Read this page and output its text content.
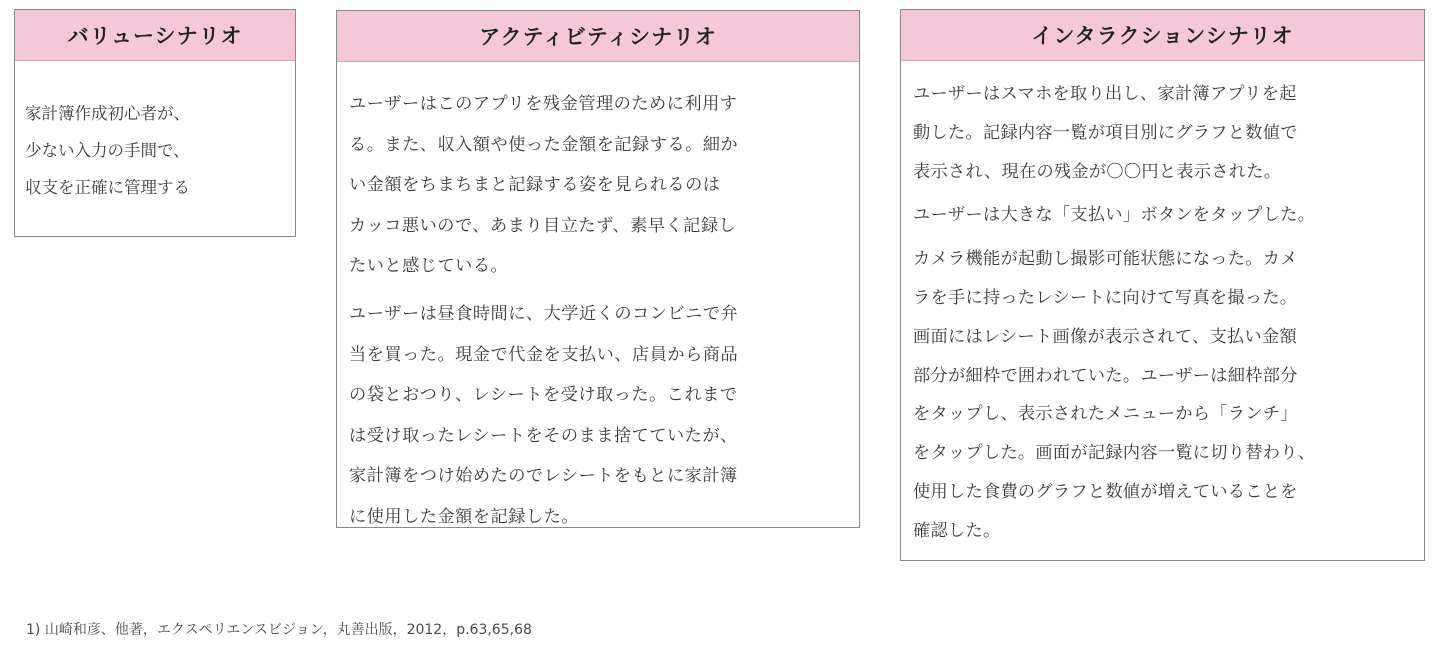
バリューシナリオ
家計簿作成初心者が、
少ない入力の手間で、
収支を正確に管理する
アクティビティシナリオ

ユーザーはこのアプリを残金管理のために利用す
る。また、収入額や使った金額を記録する。細か
い金額をちまちまと記録する姿を見られるのは
カッコ悪いので、あまり目立たず、素早く記録し
たいと感じている。

ユーザーは昼食時間に、大学近くのコンビニで弁
当を買った。現金で代金を支払い、店員から商品
の袋とおつり、レシートを受け取った。これまで
は受け取ったレシートをそのまま捨てていたが、
家計簿をつけ始めたのでレシートをもとに家計簿
に使用した金額を記録した。

インタラクションシナリオ

ユーザーはスマホを取り出し、家計簿アプリを起
動した。記録内容一覧が項目別にグラフと数値で
表示され、現在の残金が〇〇円と表示された。

ユーザーは大きな「支払い」ボタンをタップした。

カメラ機能が起動し撮影可能状態になった。カメ
ラを手に持ったレシートに向けて写真を撮った。
画面にはレシート画像が表示されて、支払い金額
部分が細枠で囲われていた。ユーザーは細枠部分
をタップし、表示されたメニューから「ランチ」
をタップした。画面が記録内容一覧に切り替わり、
使用した食費のグラフと数値が増えていることを
確認した。

1) 山崎和彦、他著，エクスペリエンスビジョン，丸善出版，2012，p.63,65,68
